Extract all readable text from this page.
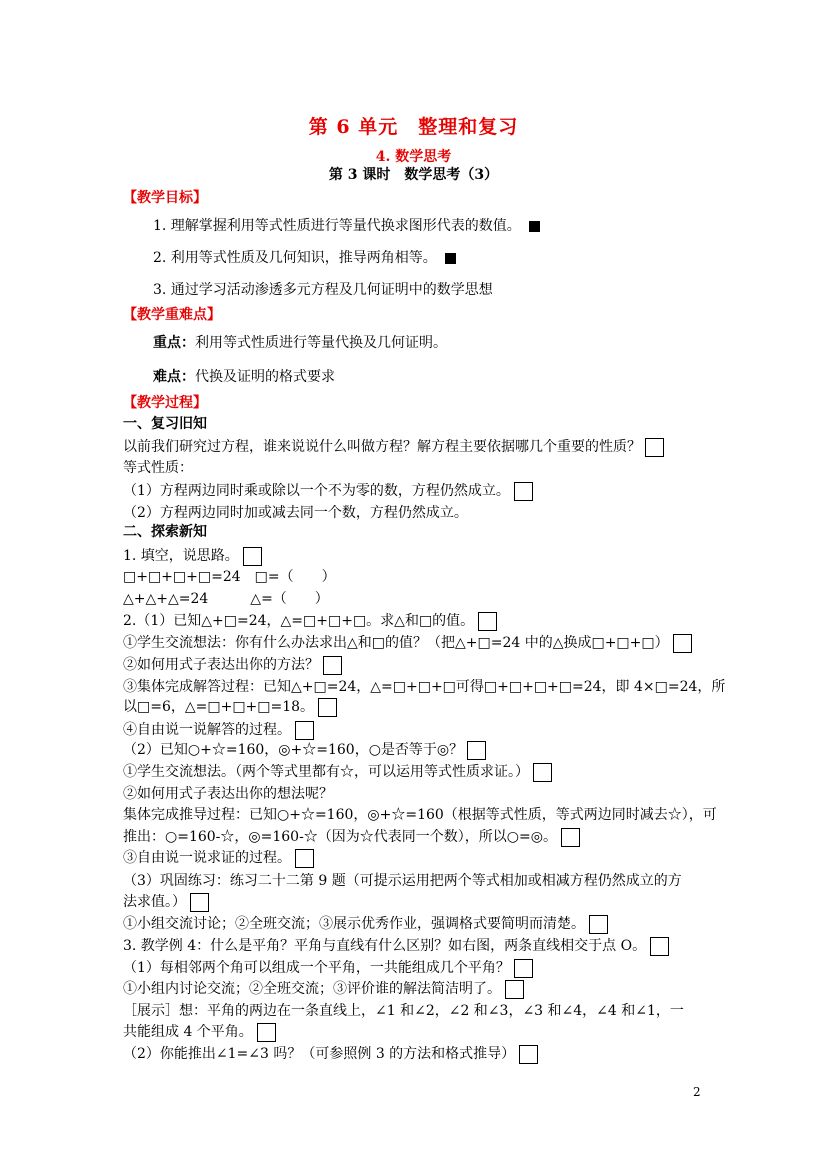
第 6 单元　整理和复习
4. 数学思考
第 3 课时　数学思考（3）
【教学目标】
1. 理解掌握利用等式性质进行等量代换求图形代表的数值。
2. 利用等式性质及几何知识，推导两角相等。
3. 通过学习活动渗透多元方程及几何证明中的数学思想
【教学重难点】
重点：利用等式性质进行等量代换及几何证明。
难点：代换及证明的格式要求
【教学过程】
一、复习旧知
以前我们研究过方程，谁来说说什么叫做方程？解方程主要依据哪几个重要的性质？
等式性质：
（1）方程两边同时乘或除以一个不为零的数，方程仍然成立。
（2）方程两边同时加或减去同一个数，方程仍然成立。
二、探索新知
1. 填空，说思路。
□+□+□+□=24　□=（　　）
△+△+△=24　　　△=（　　）
2.（1）已知△+□=24，△=□+□+□。求△和□的值。
①学生交流想法：你有什么办法求出△和□的值？（把△+□=24 中的△换成□+□+□）
②如何用式子表达出你的方法？
③集体完成解答过程：已知△+□=24，△=□+□+□可得□+□+□+□=24，即 4×□=24，所
以□=6，△=□+□+□=18。
④自由说一说解答的过程。
（2）已知○+☆=160，◎+☆=160，○是否等于◎？
①学生交流想法。（两个等式里都有☆，可以运用等式性质求证。）
②如何用式子表达出你的想法呢？
集体完成推导过程：已知○+☆=160，◎+☆=160（根据等式性质，等式两边同时减去☆），可
推出：○=160-☆，◎=160-☆（因为☆代表同一个数），所以○=◎。
③自由说一说求证的过程。
（3）巩固练习：练习二十二第 9 题（可提示运用把两个等式相加或相减方程仍然成立的方
法求值。）
①小组交流讨论；②全班交流；③展示优秀作业，强调格式要简明而清楚。
3. 教学例 4：什么是平角？平角与直线有什么区别？如右图，两条直线相交于点 O。
（1）每相邻两个角可以组成一个平角，一共能组成几个平角？
①小组内讨论交流；②全班交流；③评价谁的解法简洁明了。
［展示］想：平角的两边在一条直线上，∠1 和∠2，∠2 和∠3，∠3 和∠4，∠4 和∠1，一
共能组成 4 个平角。
（2）你能推出∠1=∠3 吗？（可参照例 3 的方法和格式推导）
2
